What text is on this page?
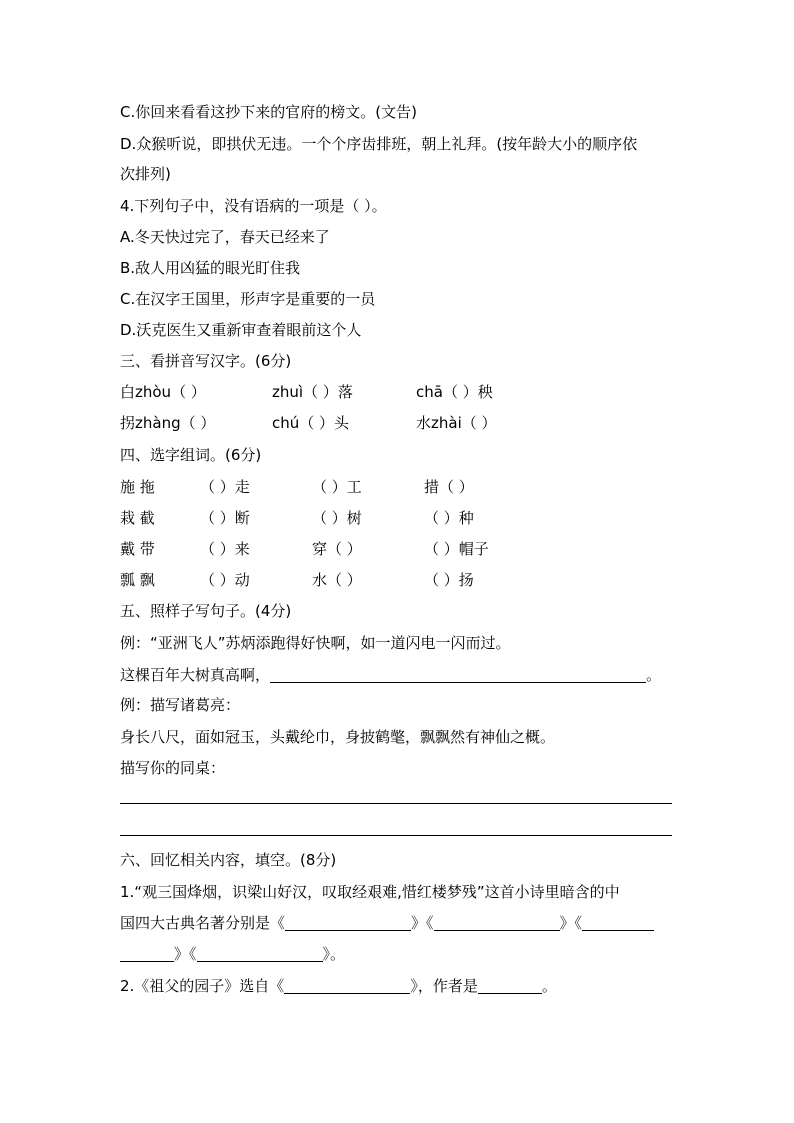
C.你回来看看这抄下来的官府的榜文。(文告)
D.众猴听说，即拱伏无违。一个个序齿排班，朝上礼拜。(按年龄大小的顺序依
次排列)
4.下列句子中，没有语病的一项是（ ）。
A.冬天快过完了，春天已经来了
B.敌人用凶猛的眼光盯住我
C.在汉字王国里，形声字是重要的一员
D.沃克医生又重新审查着眼前这个人
三、看拼音写汉字。(6分)
白zhòu（ ）	zhuì（ ）落	chā（ ）秧
拐zhàng（ ）	chú（ ）头	水zhài（ ）
四、选字组词。(6分)
施 拖	（ ）走	（ ）工	措（ ）
栽 截	（ ）断	（ ）树	（ ）种
戴 带	（ ）来	穿（ ）	（ ）帽子
瓢 飘	（ ）动	水（ ）	（ ）扬
五、照样子写句子。(4分)
例：“亚洲飞人”苏炳添跑得好快啊，如一道闪电一闪而过。
这棵百年大树真高啊，	。
例：描写诸葛亮：
身长八尺，面如冠玉，头戴纶巾，身披鹤氅，飘飘然有神仙之概。
描写你的同桌：
六、回忆相关内容，填空。(8分)
1.“观三国烽烟，识梁山好汉，叹取经艰难,惜红楼梦残”这首小诗里暗含的中
国四大古典名著分别是《	》《	》《
》《	》。
2.《祖父的园子》选自《	》，作者是	。
